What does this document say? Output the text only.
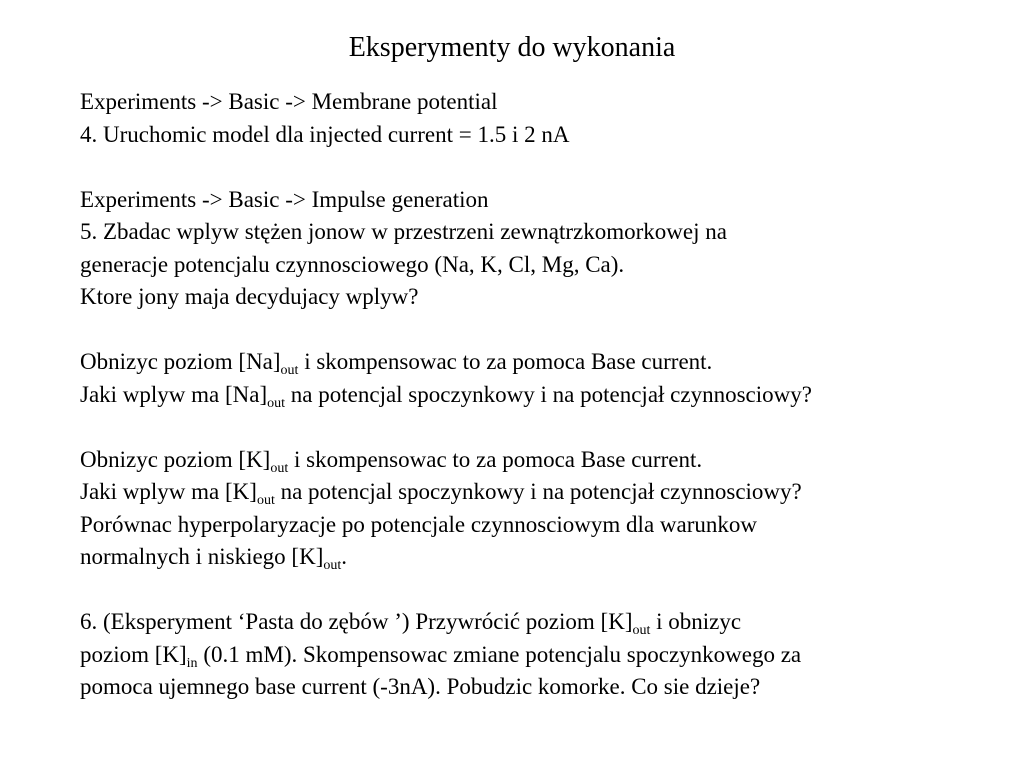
Eksperymenty do wykonania
Experiments -> Basic -> Membrane potential
4. Uruchomic model dla injected current = 1.5 i 2 nA
Experiments -> Basic -> Impulse generation
5. Zbadac wplyw stężen jonow w przestrzeni zewnątrzkomorkowej na
generacje potencjalu czynnosciowego (Na, K, Cl, Mg, Ca).
Ktore jony maja decydujacy wplyw?
Obnizyc poziom $[Na]_{out}$ i skompensowac to za pomoca Base current.
Jaki wplyw ma $[Na]_{out}$ na potencjal spoczynkowy i na potencjał czynnosciowy?
Obnizyc poziom $[K]_{out}$ i skompensowac to za pomoca Base current.
Jaki wplyw ma $[K]_{out}$ na potencjal spoczynkowy i na potencjał czynnosciowy?
Porównac hyperpolaryzacje po potencjale czynnosciowym dla warunkow
normalnych i niskiego $[K]_{out}$.
6. (Eksperyment ‘Pasta do zębów ’) Przywrócić poziom $[K]_{out}$ i obnizyc
poziom $[K]_{in}$ (0.1 mM). Skompensowac zmiane potencjalu spoczynkowego za
pomoca ujemnego base current (-3nA). Pobudzic komorke. Co sie dzieje?
